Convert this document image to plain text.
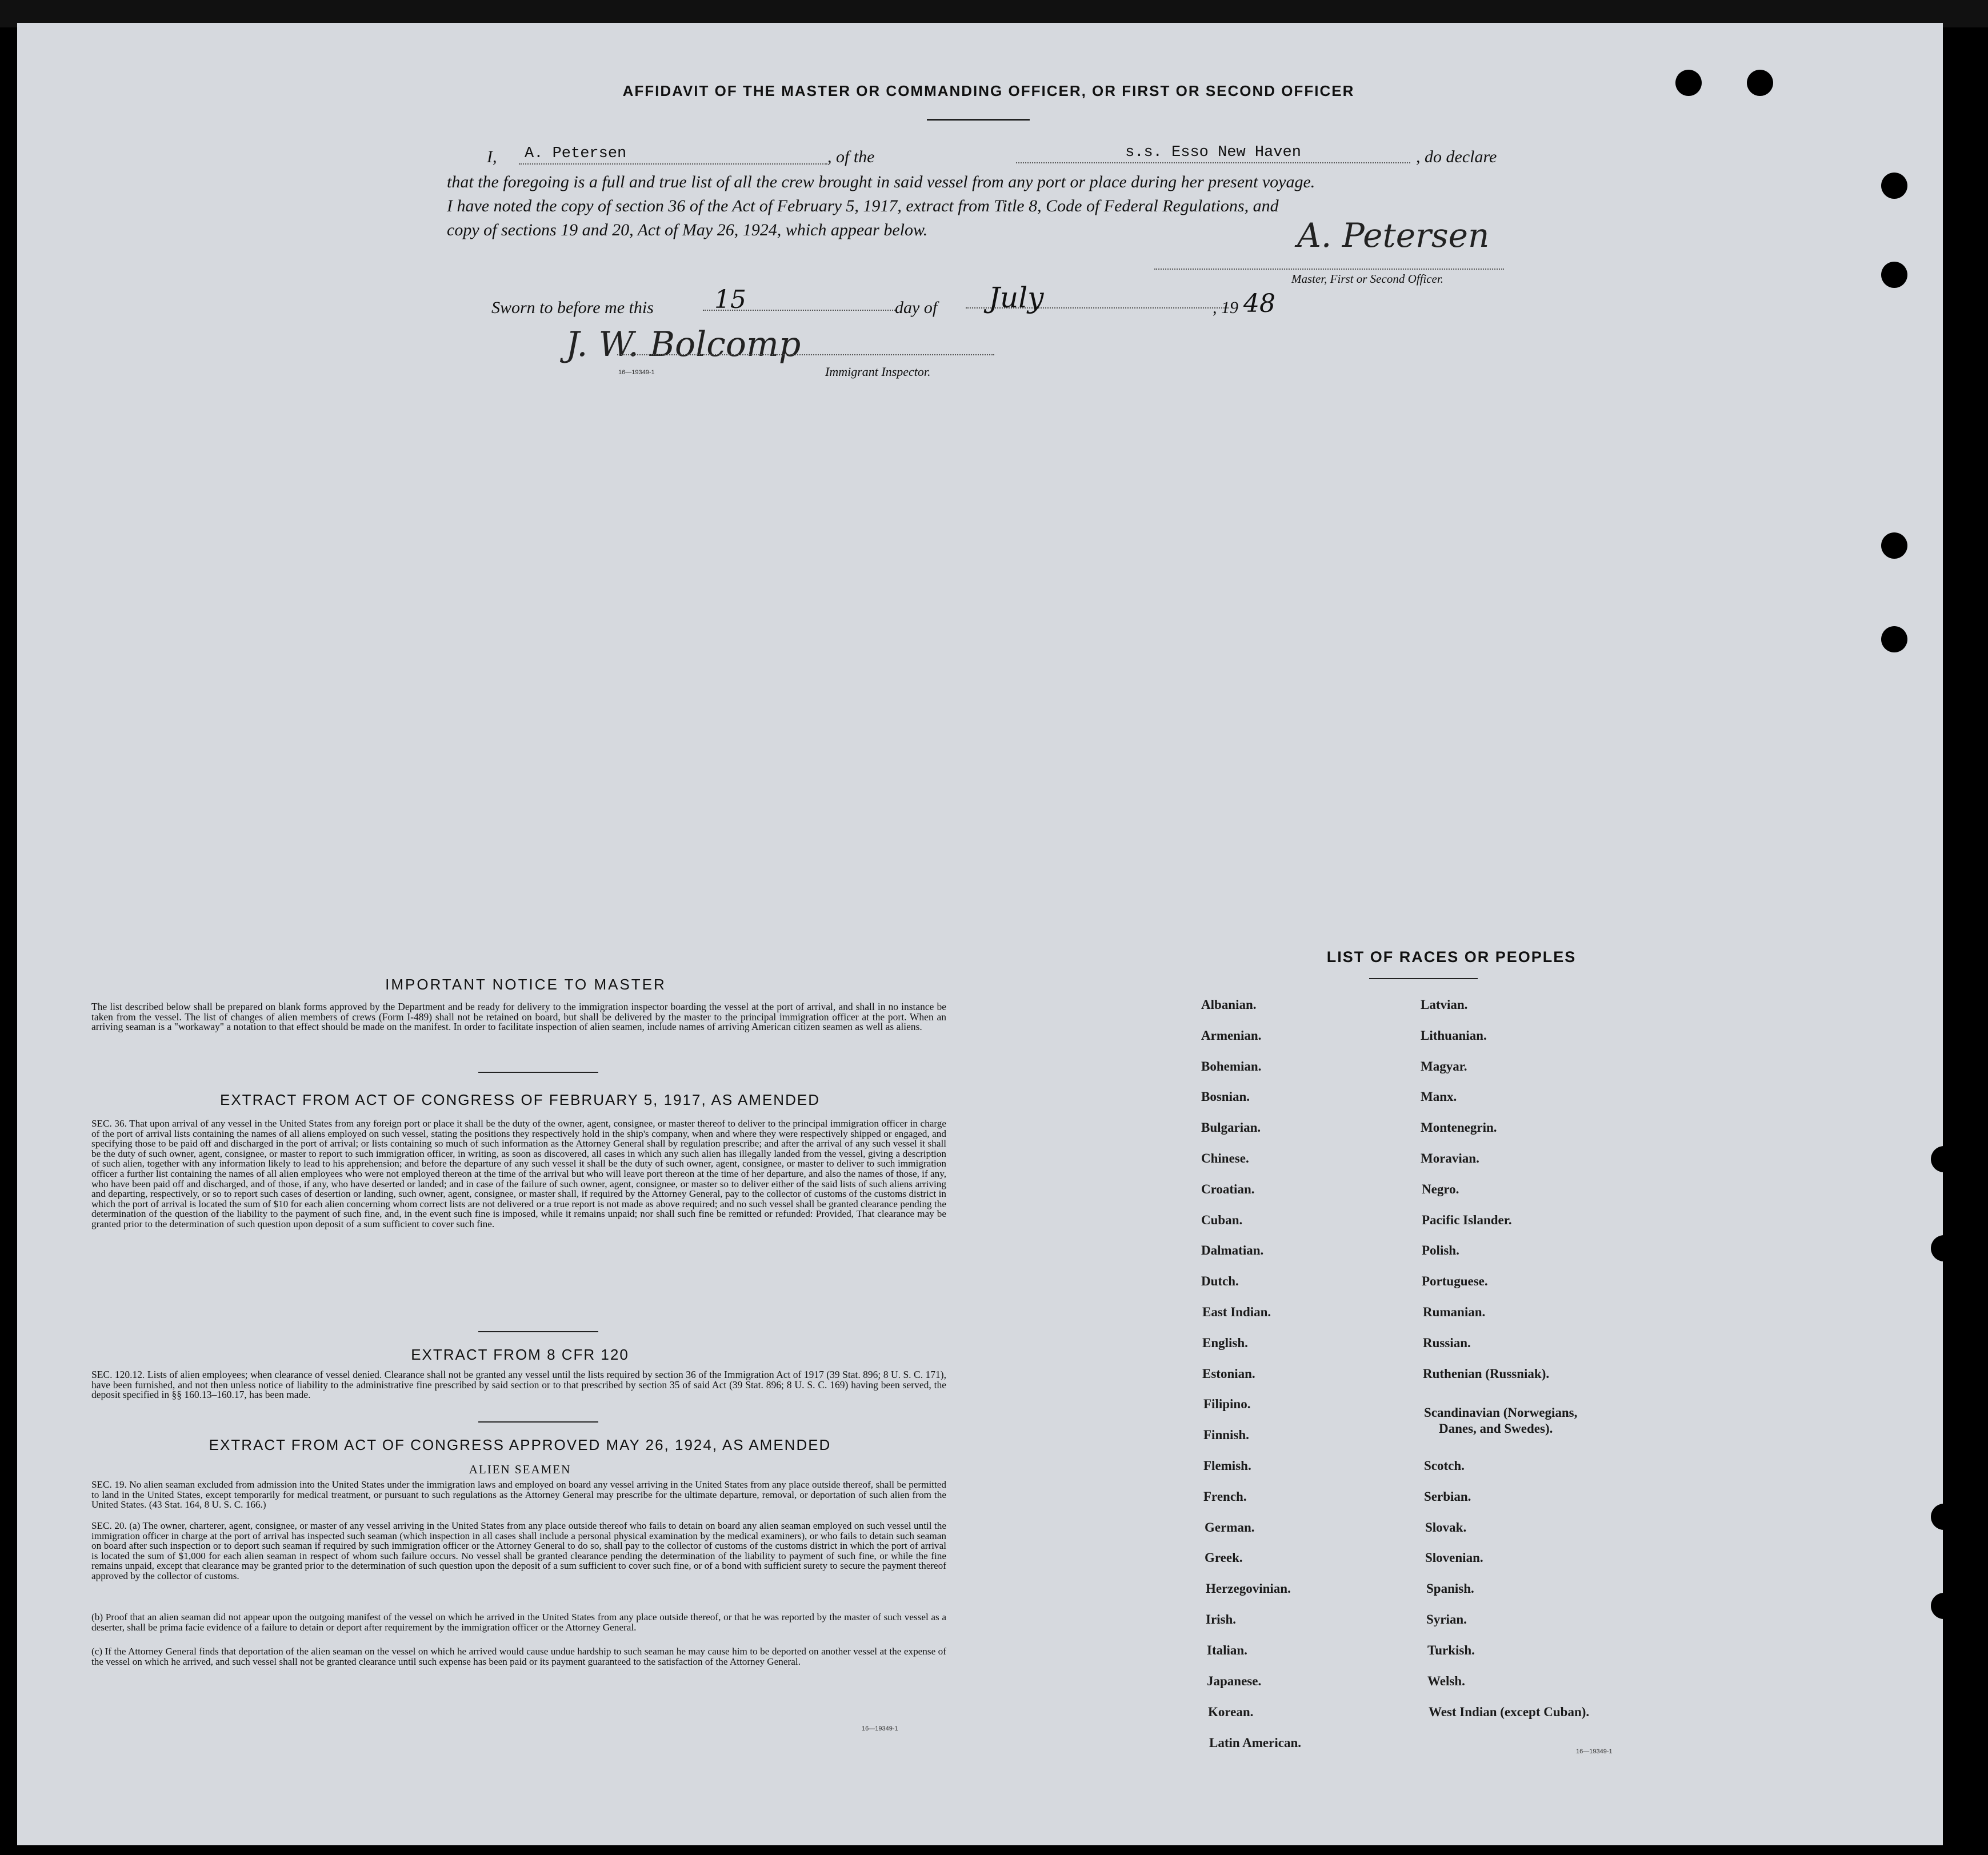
AFFIDAVIT OF THE MASTER OR COMMANDING OFFICER, OR FIRST OR SECOND OFFICER
I,	A. Petersen	, of the	s.s. Esso New Haven	, do declare
that the foregoing is a full and true list of all the crew brought in said vessel from any port or place during her present voyage.
I have noted the copy of section 36 of the Act of February 5, 1917, extract from Title 8, Code of Federal Regulations, and
copy of sections 19 and 20, Act of May 26, 1924, which appear below.	A. Petersen
Master, First or Second Officer.
Sworn to before me this	15	day of	July	, 19 48
J. W. Bolcomp
16—19349-1	Immigrant Inspector.
IMPORTANT NOTICE TO MASTER
The list described below shall be prepared on blank forms approved by the Department and be ready for delivery to the immigration inspector boarding the vessel at the port of arrival, and shall in no instance be taken from the vessel. The list of changes of alien members of crews (Form I-489) shall not be retained on board, but shall be delivered by the master to the principal immigration officer at the port. When an arriving seaman is a "workaway" a notation to that effect should be made on the manifest. In order to facilitate inspection of alien seamen, include names of arriving American citizen seamen as well as aliens.
EXTRACT FROM ACT OF CONGRESS OF FEBRUARY 5, 1917, AS AMENDED
SEC. 36. That upon arrival of any vessel in the United States from any foreign port or place it shall be the duty of the owner, agent, consignee, or master thereof to deliver to the principal immigration officer in charge of the port of arrival lists containing the names of all aliens employed on such vessel, stating the positions they respectively hold in the ship's company, when and where they were respectively shipped or engaged, and specifying those to be paid off and discharged in the port of arrival; or lists containing so much of such information as the Attorney General shall by regulation prescribe; and after the arrival of any such vessel it shall be the duty of such owner, agent, consignee, or master to report to such immigration officer, in writing, as soon as discovered, all cases in which any such alien has illegally landed from the vessel, giving a description of such alien, together with any information likely to lead to his apprehension; and before the departure of any such vessel it shall be the duty of such owner, agent, consignee, or master to deliver to such immigration officer a further list containing the names of all alien employees who were not employed thereon at the time of the arrival but who will leave port thereon at the time of her departure, and also the names of those, if any, who have been paid off and discharged, and of those, if any, who have deserted or landed; and in case of the failure of such owner, agent, consignee, or master so to deliver either of the said lists of such aliens arriving and departing, respectively, or so to report such cases of desertion or landing, such owner, agent, consignee, or master shall, if required by the Attorney General, pay to the collector of customs of the customs district in which the port of arrival is located the sum of $10 for each alien concerning whom correct lists are not delivered or a true report is not made as above required; and no such vessel shall be granted clearance pending the determination of the question of the liability to the payment of such fine, and, in the event such fine is imposed, while it remains unpaid; nor shall such fine be remitted or refunded: Provided, That clearance may be granted prior to the determination of such question upon deposit of a sum sufficient to cover such fine.
EXTRACT FROM 8 CFR 120
SEC. 120.12. Lists of alien employees; when clearance of vessel denied. Clearance shall not be granted any vessel until the lists required by section 36 of the Immigration Act of 1917 (39 Stat. 896; 8 U. S. C. 171), have been furnished, and not then unless notice of liability to the administrative fine prescribed by said section or to that prescribed by section 35 of said Act (39 Stat. 896; 8 U. S. C. 169) having been served, the deposit specified in §§ 160.13–160.17, has been made.
EXTRACT FROM ACT OF CONGRESS APPROVED MAY 26, 1924, AS AMENDED
ALIEN SEAMEN
SEC. 19. No alien seaman excluded from admission into the United States under the immigration laws and employed on board any vessel arriving in the United States from any place outside thereof, shall be permitted to land in the United States, except temporarily for medical treatment, or pursuant to such regulations as the Attorney General may prescribe for the ultimate departure, removal, or deportation of such alien from the United States. (43 Stat. 164, 8 U. S. C. 166.)
SEC. 20. (a) The owner, charterer, agent, consignee, or master of any vessel arriving in the United States from any place outside thereof who fails to detain on board any alien seaman employed on such vessel until the immigration officer in charge at the port of arrival has inspected such seaman (which inspection in all cases shall include a personal physical examination by the medical examiners), or who fails to detain such seaman on board after such inspection or to deport such seaman if required by such immigration officer or the Attorney General to do so, shall pay to the collector of customs of the customs district in which the port of arrival is located the sum of $1,000 for each alien seaman in respect of whom such failure occurs. No vessel shall be granted clearance pending the determination of the liability to payment of such fine, or while the fine remains unpaid, except that clearance may be granted prior to the determination of such question upon the deposit of a sum sufficient to cover such fine, or of a bond with sufficient surety to secure the payment thereof approved by the collector of customs.
(b) Proof that an alien seaman did not appear upon the outgoing manifest of the vessel on which he arrived in the United States from any place outside thereof, or that he was reported by the master of such vessel as a deserter, shall be prima facie evidence of a failure to detain or deport after requirement by the immigration officer or the Attorney General.
(c) If the Attorney General finds that deportation of the alien seaman on the vessel on which he arrived would cause undue hardship to such seaman he may cause him to be deported on another vessel at the expense of the vessel on which he arrived, and such vessel shall not be granted clearance until such expense has been paid or its payment guaranteed to the satisfaction of the Attorney General.
16—19349-1
LIST OF RACES OR PEOPLES
Albanian.
Armenian.
Bohemian.
Bosnian.
Bulgarian.
Chinese.
Croatian.
Cuban.
Dalmatian.
Dutch.
East Indian.
English.
Estonian.
Filipino.
Finnish.
Flemish.
French.
German.
Greek.
Herzegovinian.
Irish.
Italian.
Japanese.
Korean.
Latin American.
Latvian.
Lithuanian.
Magyar.
Manx.
Montenegrin.
Moravian.
Negro.
Pacific Islander.
Polish.
Portuguese.
Rumanian.
Russian.
Ruthenian (Russniak).
Scandinavian (Norwegians,
Danes, and Swedes).
Scotch.
Serbian.
Slovak.
Slovenian.
Spanish.
Syrian.
Turkish.
Welsh.
West Indian (except Cuban).
16—19349-1
